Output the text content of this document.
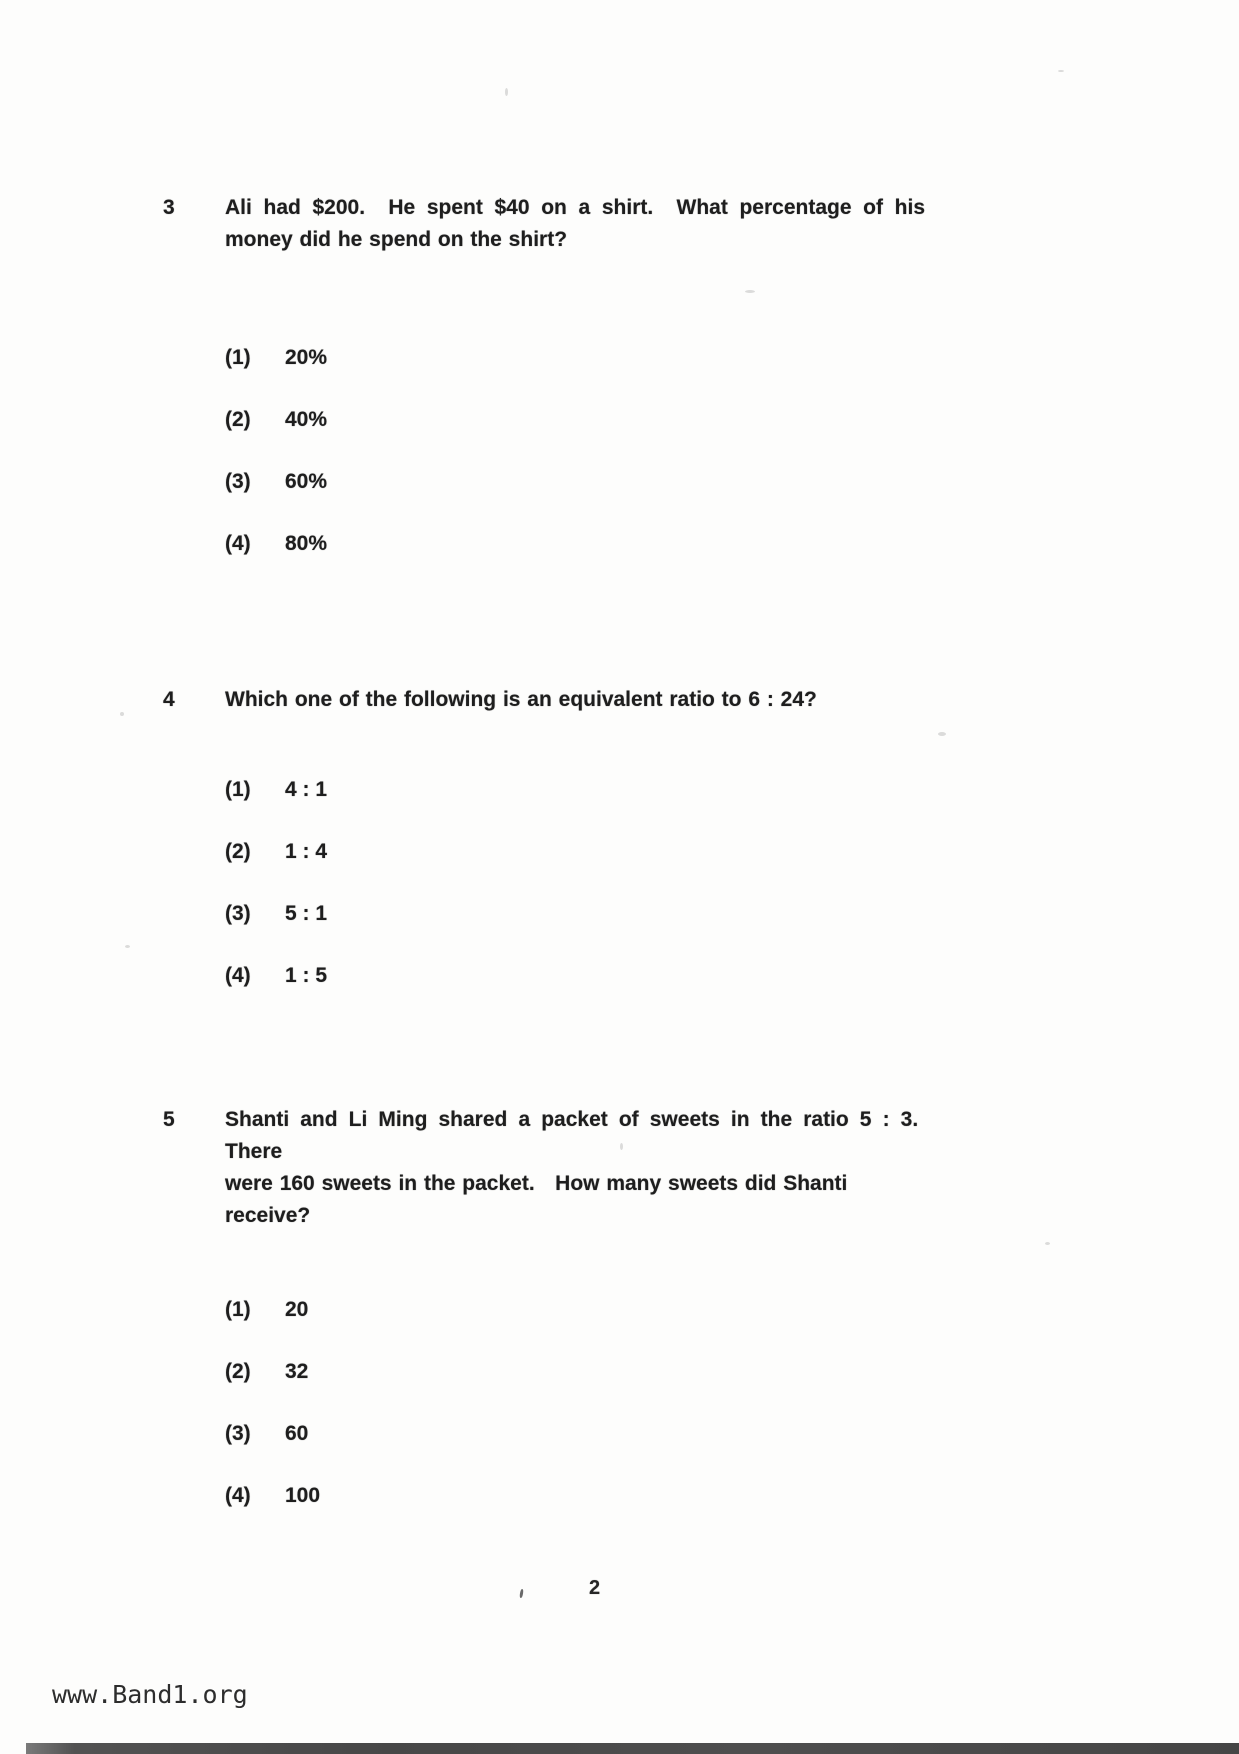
3	Ali had $200.  He spent $40 on a shirt.  What percentage of his
money did he spend on the shirt?
(1)	20%
(2)	40%
(3)	60%
(4)	80%
4	Which one of the following is an equivalent ratio to 6 : 24?
(1)	4 : 1
(2)	1 : 4
(3)	5 : 1
(4)	1 : 5
5	Shanti and Li Ming shared a packet of sweets in the ratio 5 : 3.  There
were 160 sweets in the packet.   How many sweets did Shanti receive?
(1)	20
(2)	32
(3)	60
(4)	100
2
www.Band1.org
